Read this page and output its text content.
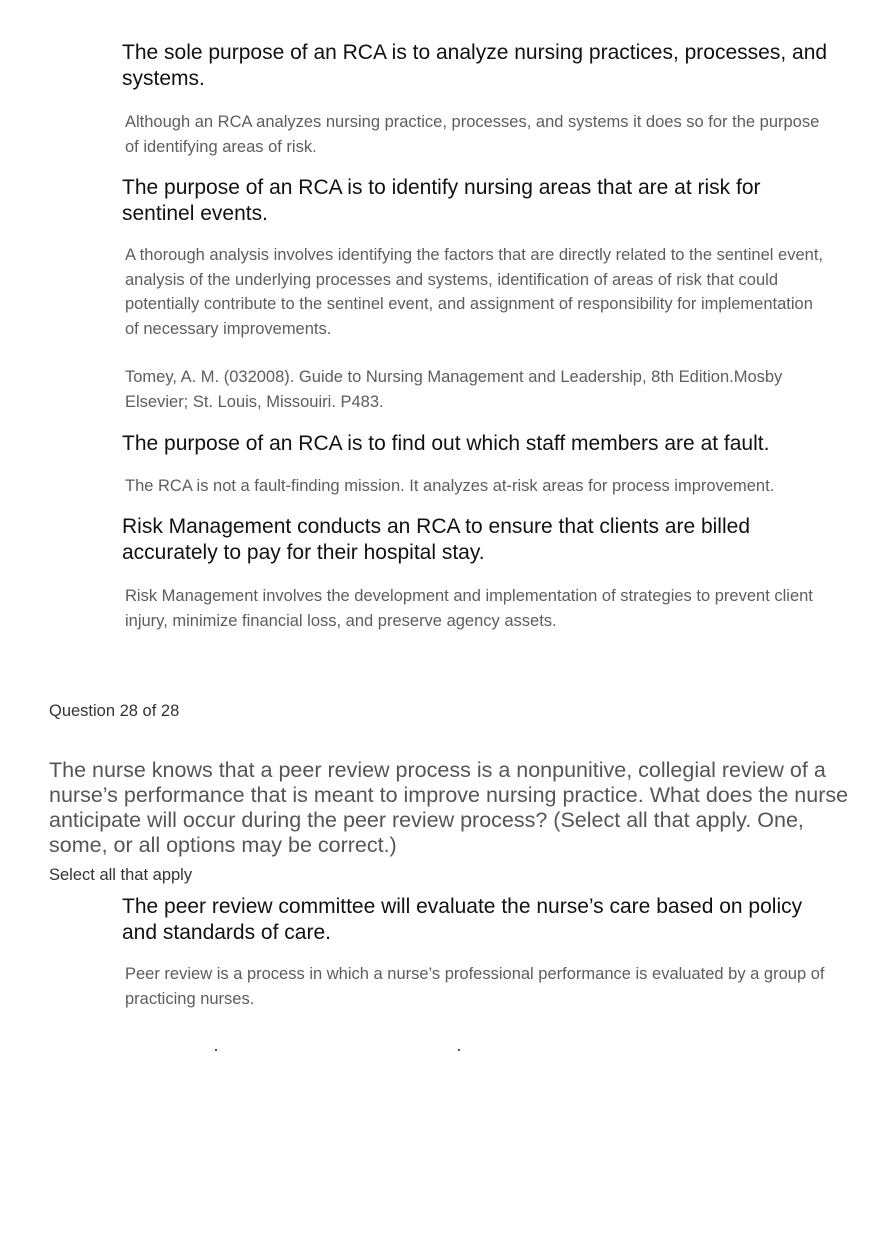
The sole purpose of an RCA is to analyze nursing practices, processes, and systems.

Although an RCA analyzes nursing practice, processes, and systems it does so for the purpose of identifying areas of risk.

The purpose of an RCA is to identify nursing areas that are at risk for sentinel events.

A thorough analysis involves identifying the factors that are directly related to the sentinel event, analysis of the underlying processes and systems, identification of areas of risk that could potentially contribute to the sentinel event, and assignment of responsibility for implementation of necessary improvements.

Tomey, A. M. (032008). Guide to Nursing Management and Leadership, 8th Edition.Mosby Elsevier; St. Louis, Missouiri. P483.

The purpose of an RCA is to find out which staff members are at fault.

The RCA is not a fault-finding mission. It analyzes at-risk areas for process improvement.

Risk Management conducts an RCA to ensure that clients are billed accurately to pay for their hospital stay.

Risk Management involves the development and implementation of strategies to prevent client injury, minimize financial loss, and preserve agency assets.

Question 28 of 28

The nurse knows that a peer review process is a nonpunitive, collegial review of a nurse’s performance that is meant to improve nursing practice. What does the nurse anticipate will occur during the peer review process? (Select all that apply. One, some, or all options may be correct.)

Select all that apply

The peer review committee will evaluate the nurse’s care based on policy and standards of care.

Peer review is a process in which a nurse’s professional performance is evaluated by a group of practicing nurses.
